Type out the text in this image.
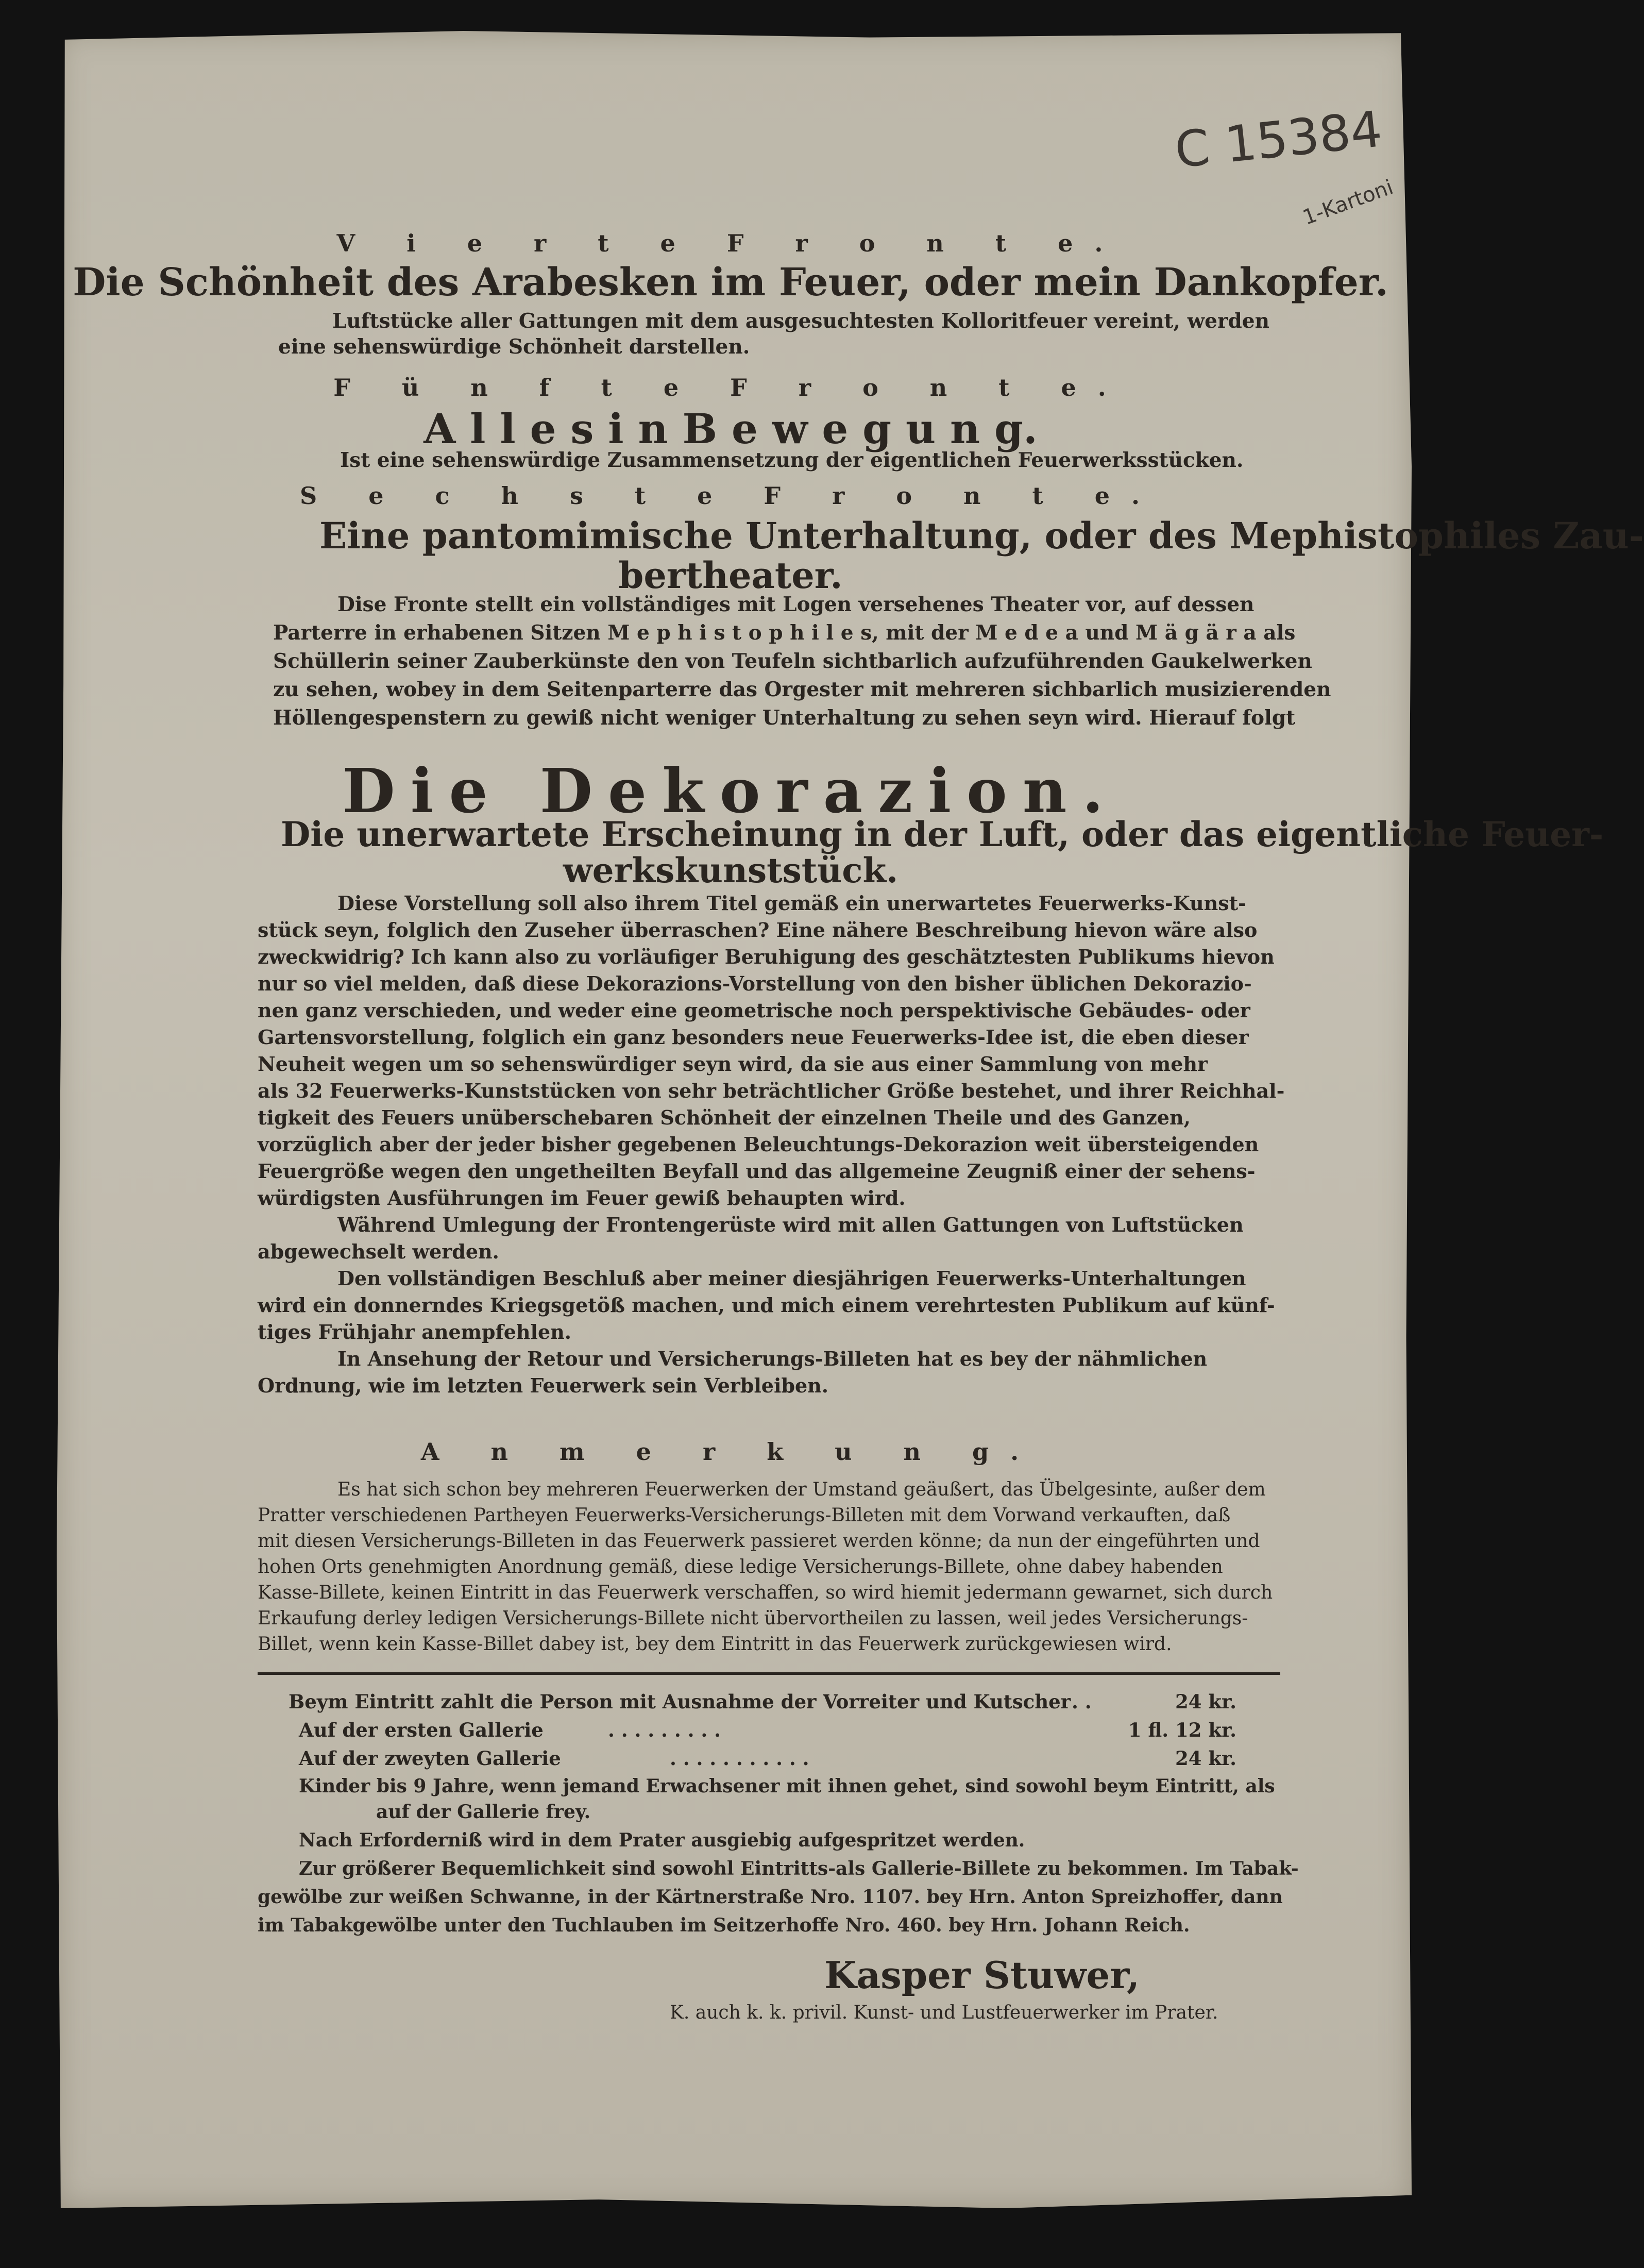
C 15384
1-Kartoni
V i e r t e F r o n t e.
Die Schönheit des Arabesken im Feuer, oder mein Dankopfer.
Luftstücke aller Gattungen mit dem ausgesuchtesten Kolloritfeuer vereint, werden
eine sehenswürdige Schönheit darstellen.
F ü n f t e F r o n t e.
A l l e s i n B e w e g u n g.
Ist eine sehenswürdige Zusammensetzung der eigentlichen Feuerwerksstücken.
S e c h s t e F r o n t e.
Eine pantomimische Unterhaltung, oder des Mephistophiles Zau-
bertheater.
Dise Fronte stellt ein vollständiges mit Logen versehenes Theater vor, auf dessen
Parterre in erhabenen Sitzen M e p h i s t o p h i l e s, mit der M e d e a und M ä g ä r a als
Schüllerin seiner Zauberkünste den von Teufeln sichtbarlich aufzuführenden Gaukelwerken
zu sehen, wobey in dem Seitenparterre das Orgester mit mehreren sichbarlich musizierenden
Höllengespenstern zu gewiß nicht weniger Unterhaltung zu sehen seyn wird. Hierauf folgt
Die Dekorazion.
Die unerwartete Erscheinung in der Luft, oder das eigentliche Feuer-
werkskunststück.
Diese Vorstellung soll also ihrem Titel gemäß ein unerwartetes Feuerwerks-Kunst-
stück seyn, folglich den Zuseher überraschen? Eine nähere Beschreibung hievon wäre also
zweckwidrig? Ich kann also zu vorläufiger Beruhigung des geschätztesten Publikums hievon
nur so viel melden, daß diese Dekorazions-Vorstellung von den bisher üblichen Dekorazio-
nen ganz verschieden, und weder eine geometrische noch perspektivische Gebäudes- oder
Gartensvorstellung, folglich ein ganz besonders neue Feuerwerks-Idee ist, die eben dieser
Neuheit wegen um so sehenswürdiger seyn wird, da sie aus einer Sammlung von mehr
als 32 Feuerwerks-Kunststücken von sehr beträchtlicher Größe bestehet, und ihrer Reichhal-
tigkeit des Feuers unüberschebaren Schönheit der einzelnen Theile und des Ganzen,
vorzüglich aber der jeder bisher gegebenen Beleuchtungs-Dekorazion weit übersteigenden
Feuergröße wegen den ungetheilten Beyfall und das allgemeine Zeugniß einer der sehens-
würdigsten Ausführungen im Feuer gewiß behaupten wird.
Während Umlegung der Frontengerüste wird mit allen Gattungen von Luftstücken
abgewechselt werden.
Den vollständigen Beschluß aber meiner diesjährigen Feuerwerks-Unterhaltungen
wird ein donnerndes Kriegsgetöß machen, und mich einem verehrtesten Publikum auf künf-
tiges Frühjahr anempfehlen.
In Ansehung der Retour und Versicherungs-Billeten hat es bey der nähmlichen
Ordnung, wie im letzten Feuerwerk sein Verbleiben.
A n m e r k u n g.
Es hat sich schon bey mehreren Feuerwerken der Umstand geäußert, das Übelgesinte, außer dem
Pratter verschiedenen Partheyen Feuerwerks-Versicherungs-Billeten mit dem Vorwand verkauften, daß
mit diesen Versicherungs-Billeten in das Feuerwerk passieret werden könne; da nun der eingeführten und
hohen Orts genehmigten Anordnung gemäß, diese ledige Versicherungs-Billete, ohne dabey habenden
Kasse-Billete, keinen Eintritt in das Feuerwerk verschaffen, so wird hiemit jedermann gewarnet, sich durch
Erkaufung derley ledigen Versicherungs-Billete nicht übervortheilen zu lassen, weil jedes Versicherungs-
Billet, wenn kein Kasse-Billet dabey ist, bey dem Eintritt in das Feuerwerk zurückgewiesen wird.
Beym Eintritt zahlt die Person mit Ausnahme der Vorreiter und Kutscher . .	24 kr.
Auf der ersten Gallerie	. . . . . . . . .	1 fl. 12 kr.
Auf der zweyten Gallerie	. . . . . . . . . . .	24 kr.
Kinder bis 9 Jahre, wenn jemand Erwachsener mit ihnen gehet, sind sowohl beym Eintritt, als
auf der Gallerie frey.
Nach Erforderniß wird in dem Prater ausgiebig aufgespritzet werden.
Zur größerer Bequemlichkeit sind sowohl Eintritts-als Gallerie-Billete zu bekommen. Im Tabak-
gewölbe zur weißen Schwanne, in der Kärtnerstraße Nro. 1107. bey Hrn. Anton Spreizhoffer, dann
im Tabakgewölbe unter den Tuchlauben im Seitzerhoffe Nro. 460. bey Hrn. Johann Reich.
Kasper Stuwer,
K. auch k. k. privil. Kunst- und Lustfeuerwerker im Prater.
